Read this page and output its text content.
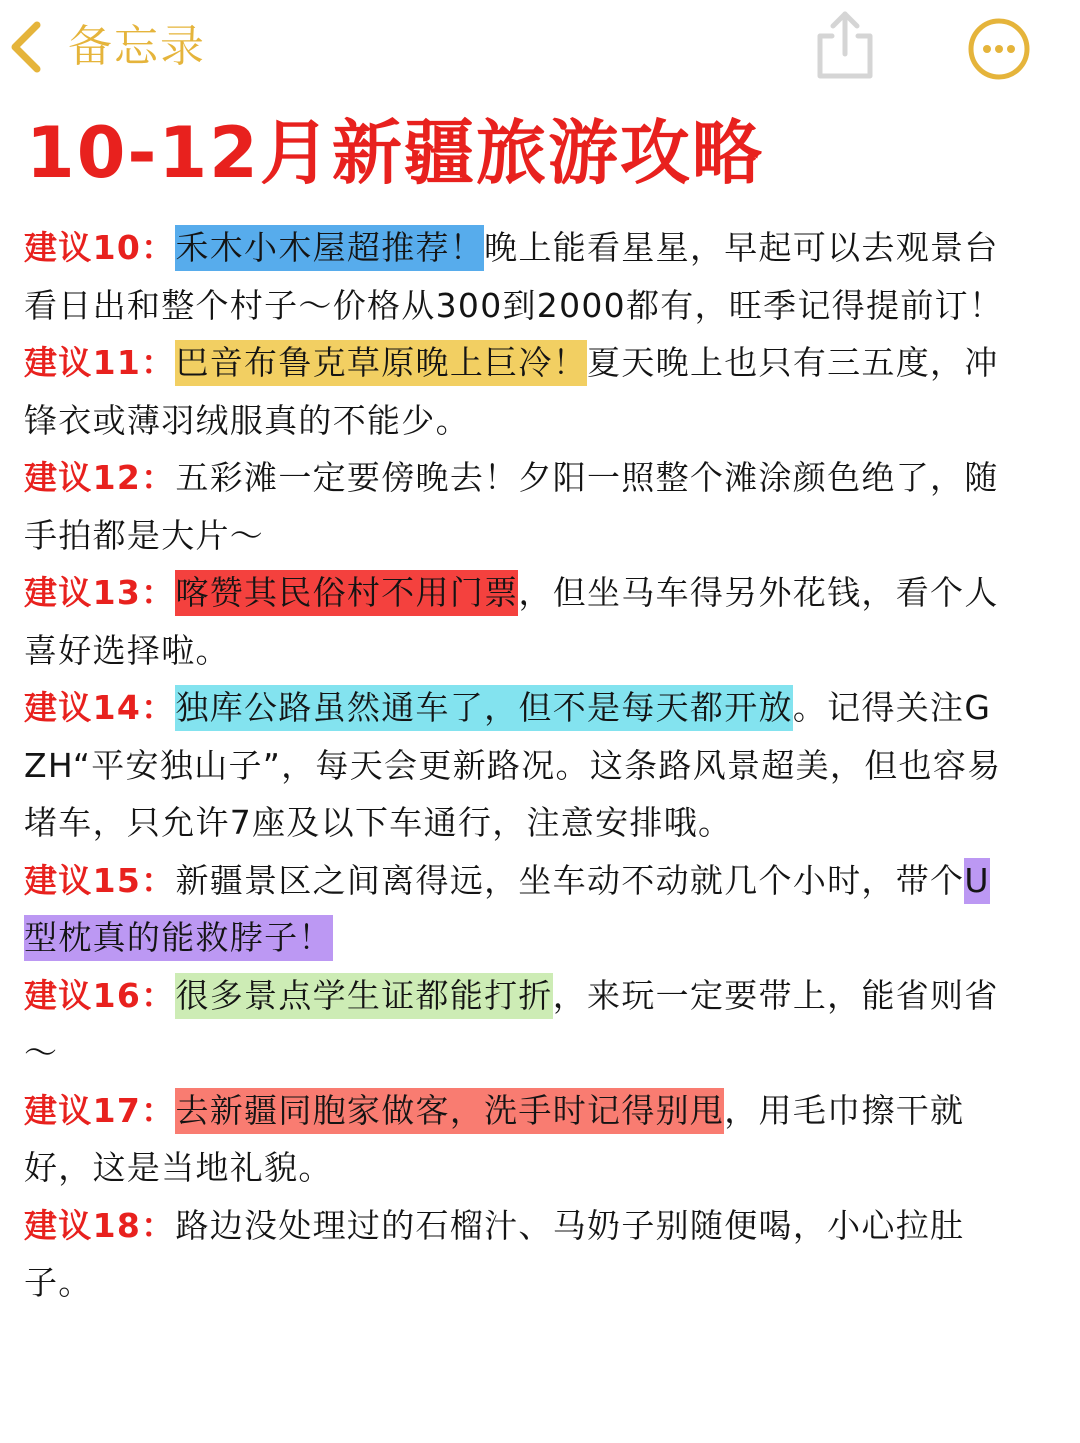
备忘录
10-12月新疆旅游攻略

建议10：禾木小木屋超推荐！晚上能看星星，早起可以去观景台看日出和整个村子～价格从300到2000都有，旺季记得提前订！

建议11：巴音布鲁克草原晚上巨冷！夏天晚上也只有三五度，冲锋衣或薄羽绒服真的不能少。

建议12：五彩滩一定要傍晚去！夕阳一照整个滩涂颜色绝了，随手拍都是大片～

建议13：喀赞其民俗村不用门票，但坐马车得另外花钱，看个人喜好选择啦。

建议14：独库公路虽然通车了，但不是每天都开放。记得关注GZH“平安独山子”，每天会更新路况。这条路风景超美，但也容易堵车，只允许7座及以下车通行，注意安排哦。

建议15：新疆景区之间离得远，坐车动不动就几个小时，带个U型枕真的能救脖子！

建议16：很多景点学生证都能打折，来玩一定要带上，能省则省～

建议17：去新疆同胞家做客，洗手时记得别甩，用毛巾擦干就好，这是当地礼貌。

建议18：路边没处理过的石榴汁、马奶子别随便喝，小心拉肚子。
